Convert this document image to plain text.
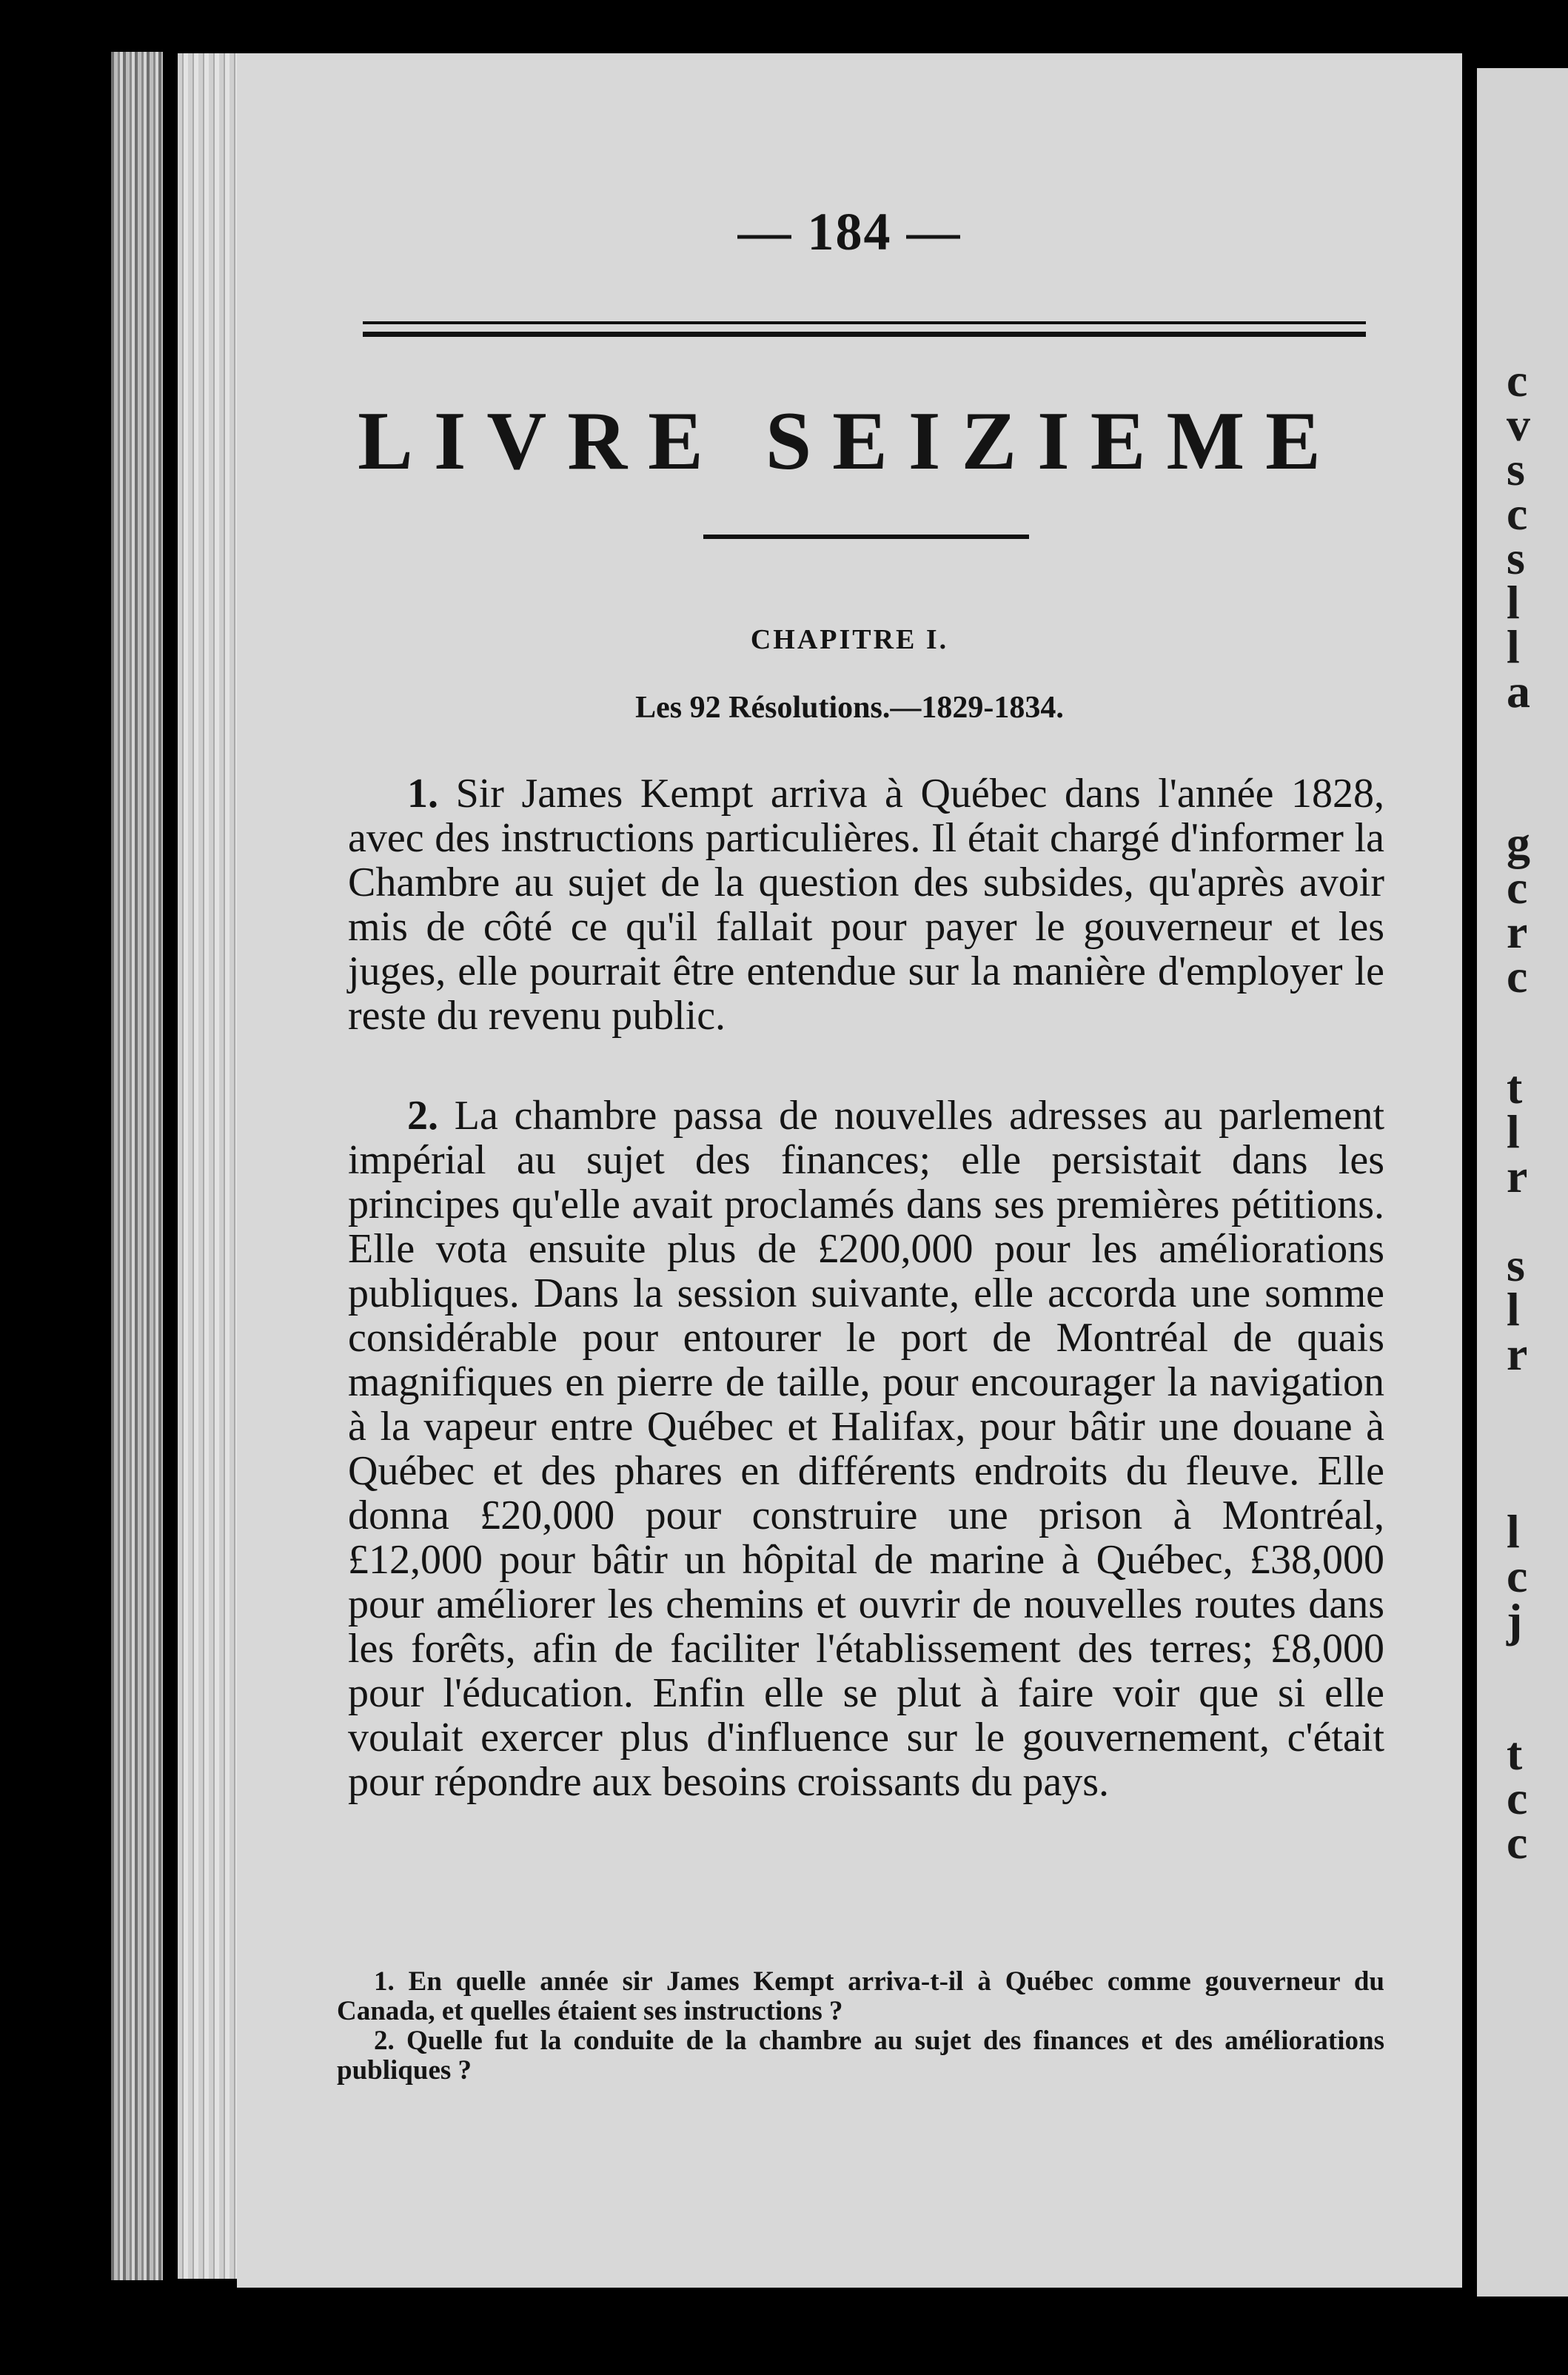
— 184 —
LIVRE SEIZIEME
CHAPITRE I.
Les 92 Résolutions.—1829-1834.

1. Sir James Kempt arriva à Québec dans l'année 1828, avec des instructions particulières. Il était chargé d'informer la Chambre au sujet de la question des subsides, qu'après avoir mis de côté ce qu'il fallait pour payer le gouverneur et les juges, elle pourrait être entendue sur la manière d'employer le reste du revenu public.

2. La chambre passa de nouvelles adresses au parlement impérial au sujet des finances; elle persistait dans les principes qu'elle avait proclamés dans ses premières pétitions. Elle vota ensuite plus de £200,000 pour les améliorations publiques. Dans la session suivante, elle accorda une somme considérable pour entourer le port de Montréal de quais magnifiques en pierre de taille, pour encourager la navigation à la vapeur entre Québec et Halifax, pour bâtir une douane à Québec et des phares en différents endroits du fleuve. Elle donna £20,000 pour construire une prison à Montréal, £12,000 pour bâtir un hôpital de marine à Québec, £38,000 pour améliorer les chemins et ouvrir de nouvelles routes dans les forêts, afin de faciliter l'établissement des terres; £8,000 pour l'éducation. Enfin elle se plut à faire voir que si elle voulait exercer plus d'influence sur le gouvernement, c'était pour répondre aux besoins croissants du pays.

1. En quelle année sir James Kempt arriva-t-il à Québec comme gouverneur du Canada, et quelles étaient ses instructions ?

2. Quelle fut la conduite de la chambre au sujet des finances et des améliorations publiques ?

c
v
s
c
s
l
l
a
g
c
r
c
t
l
r
s
l
r
l
c
j
t
c
c
